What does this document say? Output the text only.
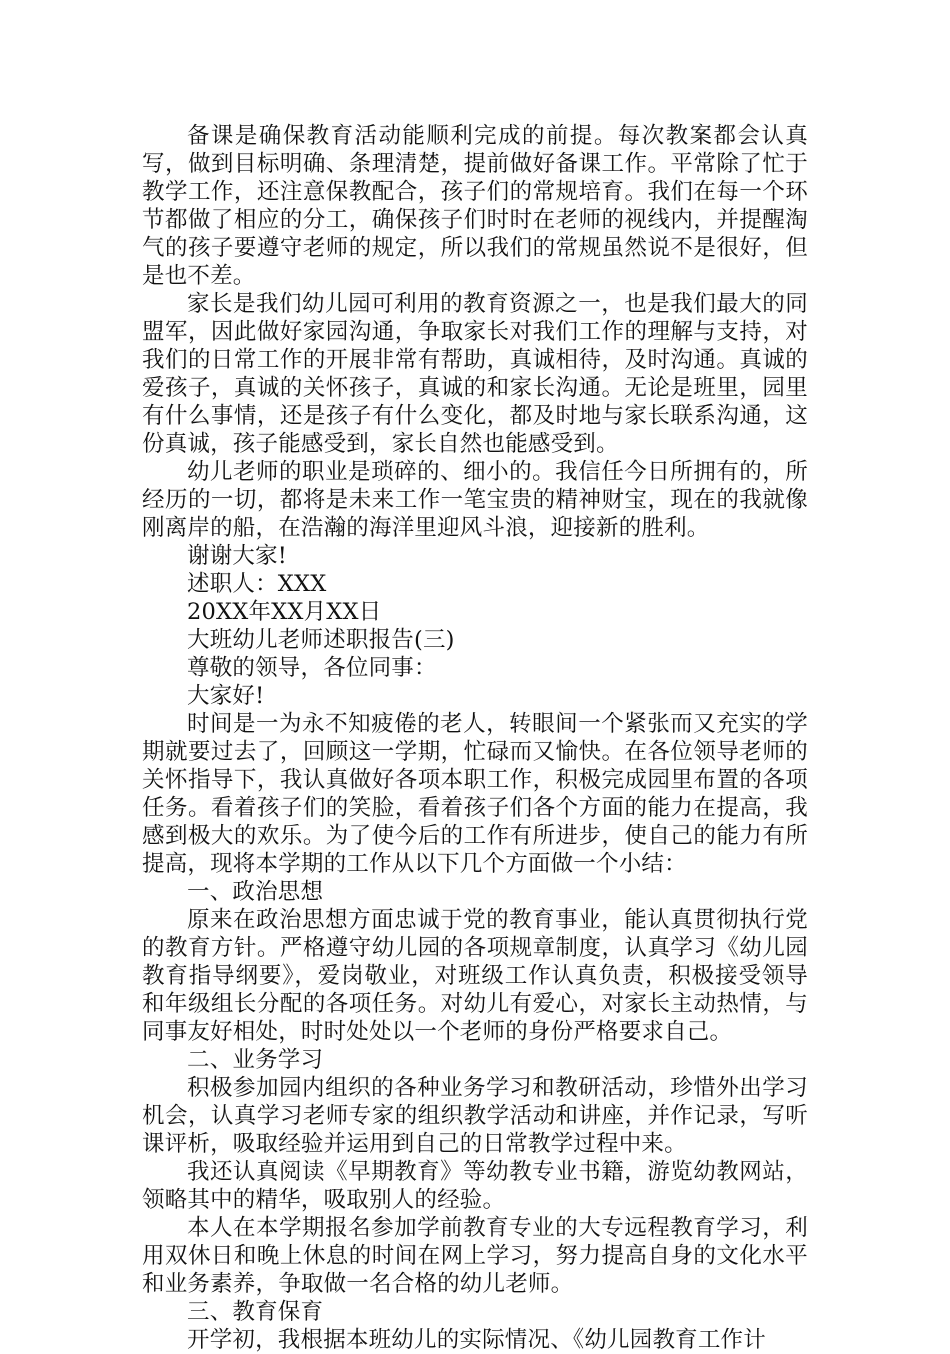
备课是确保教育活动能顺利完成的前提。每次教案都会认真写，做到目标明确、条理清楚，提前做好备课工作。平常除了忙于教学工作，还注意保教配合，孩子们的常规培育。我们在每一个环节都做了相应的分工，确保孩子们时时在老师的视线内，并提醒淘气的孩子要遵守老师的规定，所以我们的常规虽然说不是很好，但是也不差。

家长是我们幼儿园可利用的教育资源之一，也是我们最大的同盟军，因此做好家园沟通，争取家长对我们工作的理解与支持，对我们的日常工作的开展非常有帮助，真诚相待，及时沟通。真诚的爱孩子，真诚的关怀孩子，真诚的和家长沟通。无论是班里，园里有什么事情，还是孩子有什么变化，都及时地与家长联系沟通，这份真诚，孩子能感受到，家长自然也能感受到。

幼儿老师的职业是琐碎的、细小的。我信任今日所拥有的，所经历的一切，都将是未来工作一笔宝贵的精神财宝，现在的我就像刚离岸的船，在浩瀚的海洋里迎风斗浪，迎接新的胜利。

谢谢大家!

述职人：XXX

20XX年XX月XX日

大班幼儿老师述职报告(三)

尊敬的领导，各位同事：

大家好!

时间是一为永不知疲倦的老人，转眼间一个紧张而又充实的学期就要过去了，回顾这一学期，忙碌而又愉快。在各位领导老师的关怀指导下，我认真做好各项本职工作，积极完成园里布置的各项任务。看着孩子们的笑脸，看着孩子们各个方面的能力在提高，我感到极大的欢乐。为了使今后的工作有所进步，使自己的能力有所提高，现将本学期的工作从以下几个方面做一个小结：

一、政治思想

原来在政治思想方面忠诚于党的教育事业，能认真贯彻执行党的教育方针。严格遵守幼儿园的各项规章制度，认真学习《幼儿园教育指导纲要》，爱岗敬业，对班级工作认真负责，积极接受领导和年级组长分配的各项任务。对幼儿有爱心，对家长主动热情，与同事友好相处，时时处处以一个老师的身份严格要求自己。

二、业务学习

积极参加园内组织的各种业务学习和教研活动，珍惜外出学习机会，认真学习老师专家的组织教学活动和讲座，并作记录，写听课评析，吸取经验并运用到自己的日常教学过程中来。

我还认真阅读《早期教育》等幼教专业书籍，游览幼教网站，领略其中的精华，吸取别人的经验。

本人在本学期报名参加学前教育专业的大专远程教育学习，利用双休日和晚上休息的时间在网上学习，努力提高自身的文化水平和业务素养，争取做一名合格的幼儿老师。

三、教育保育

开学初，我根据本班幼儿的实际情况、《幼儿园教育工作计
